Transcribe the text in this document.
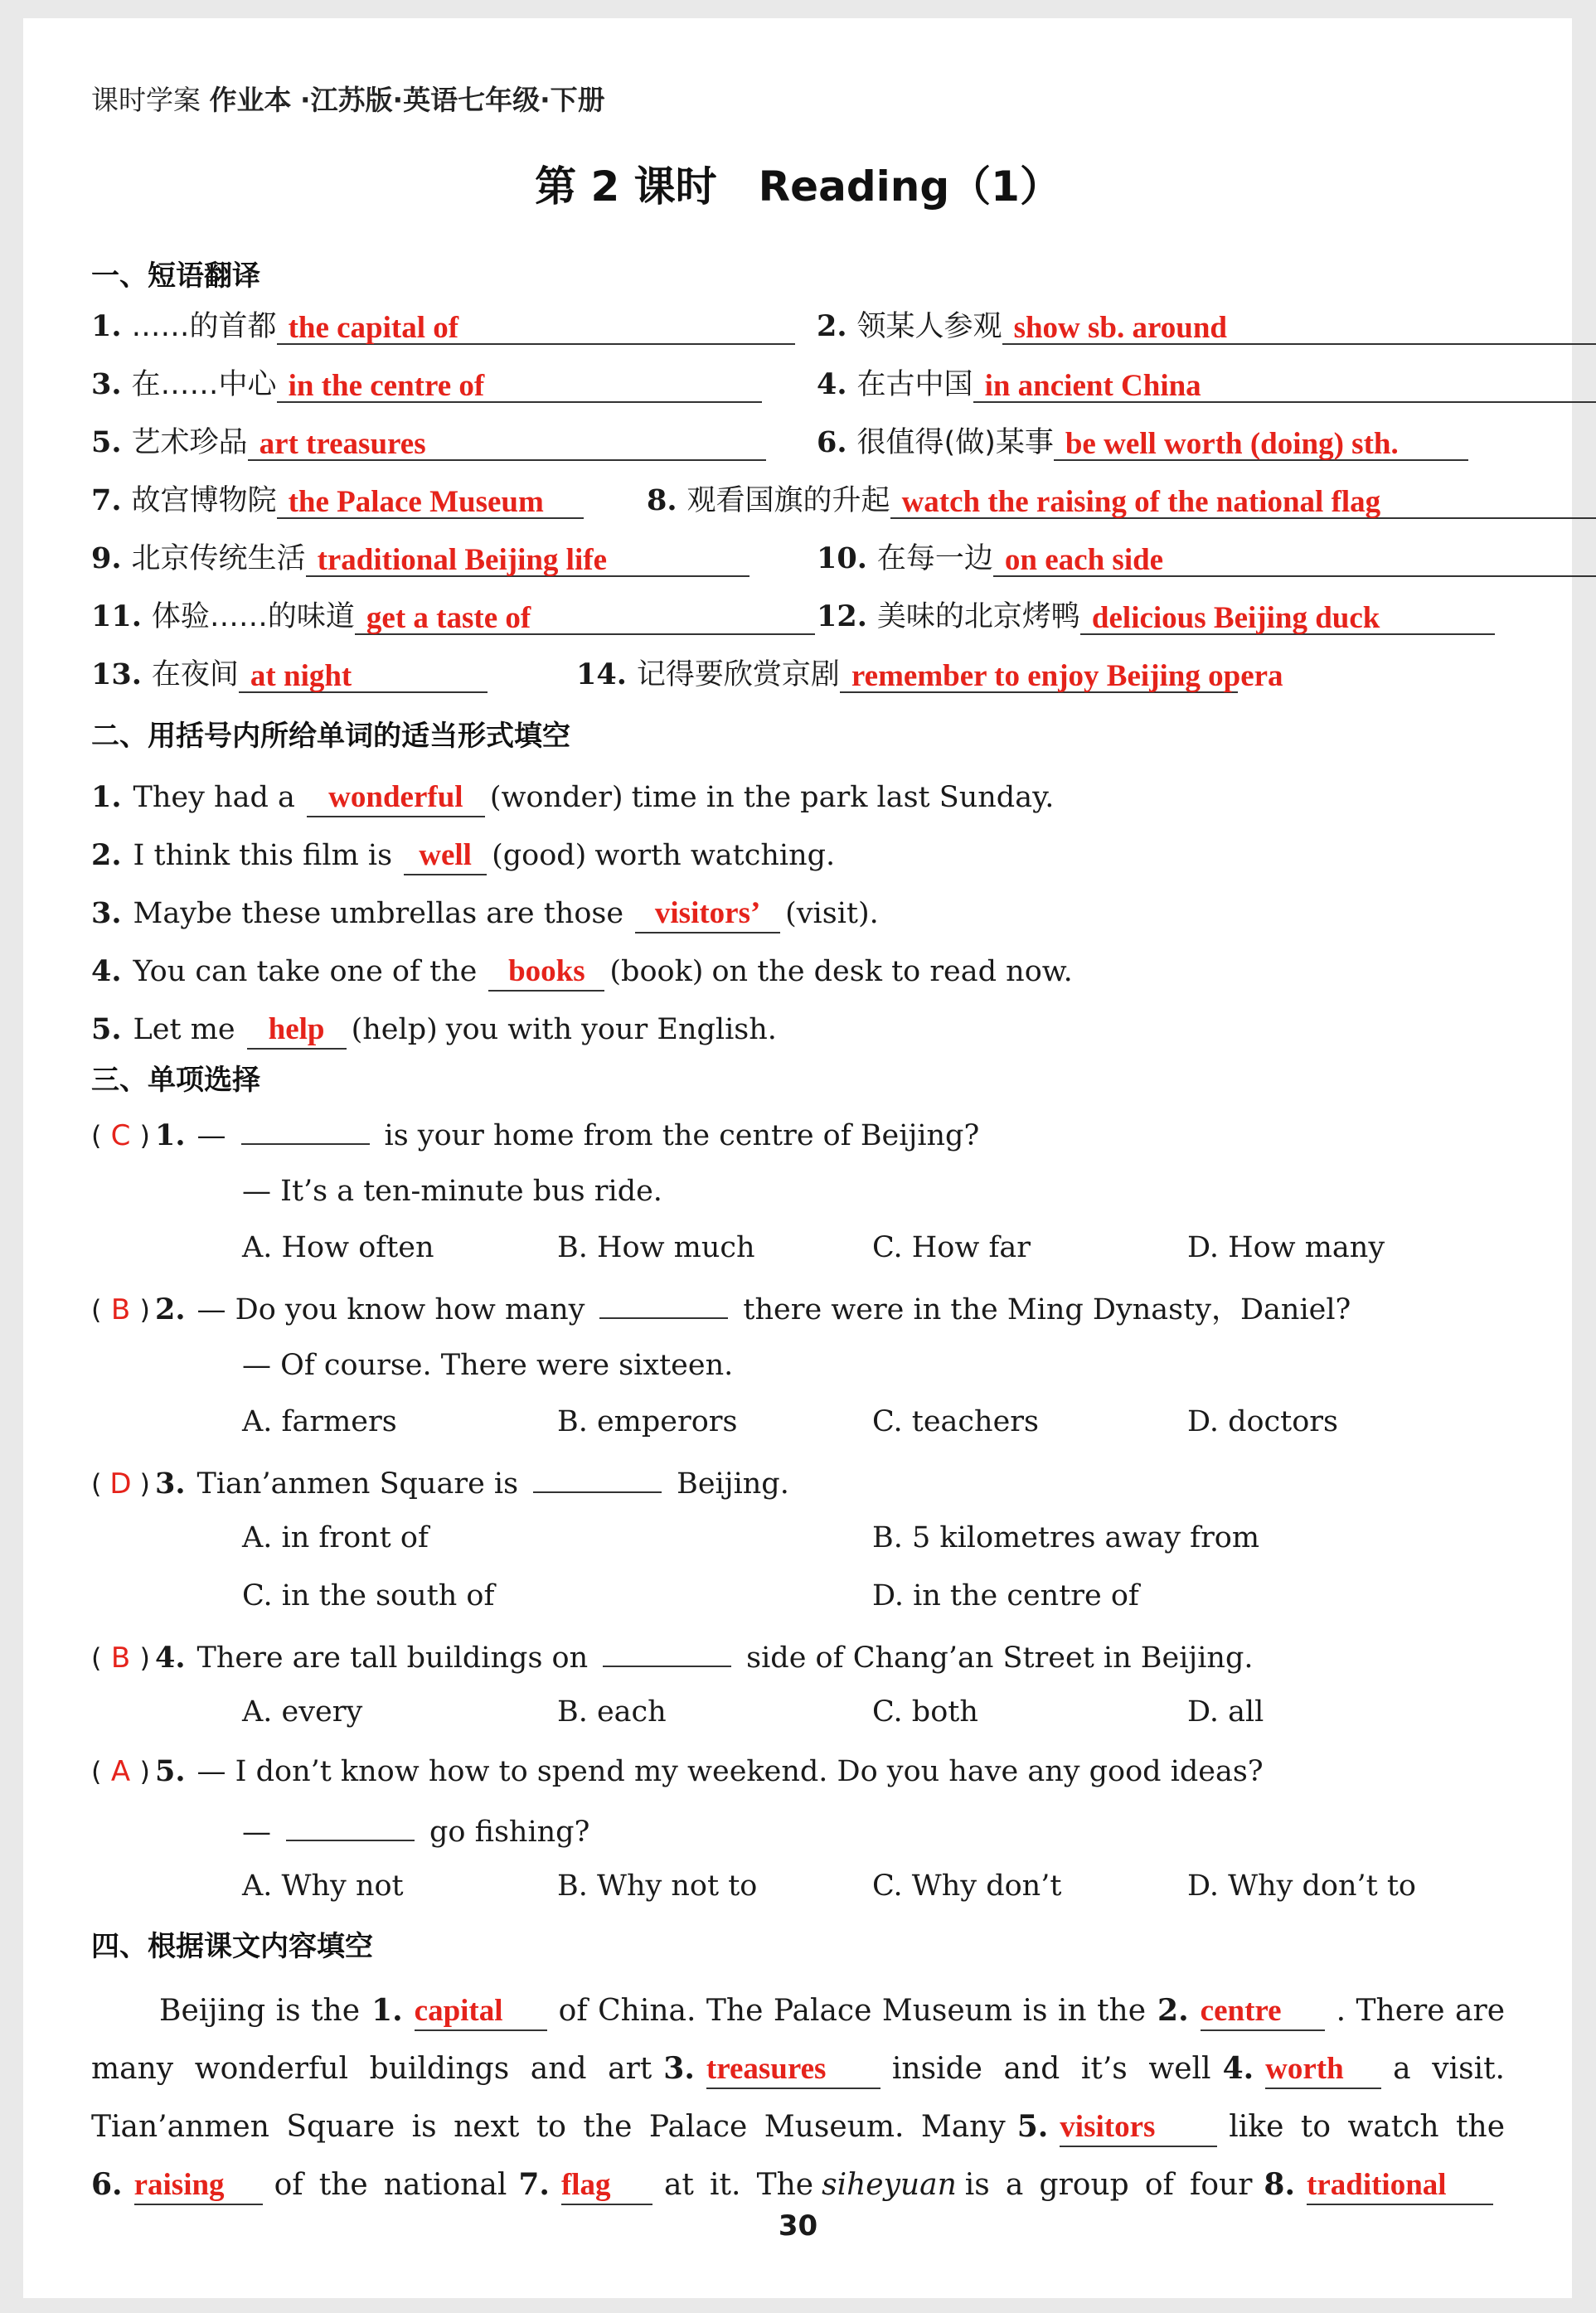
课时学案 作业本 ·江苏版·英语七年级·下册
第 2 课时　Reading（1）
一、短语翻译
1. ……的首都 the capital of	2. 领某人参观 show sb. around
3. 在……中心 in the centre of	4. 在古中国 in ancient China
5. 艺术珍品 art treasures	6. 很值得(做)某事 be well worth (doing) sth.
7. 故宫博物院 the Palace Museum	8. 观看国旗的升起 watch the raising of the national flag
9. 北京传统生活 traditional Beijing life	10. 在每一边 on each side
11. 体验……的味道 get a taste of	12. 美味的北京烤鸭 delicious Beijing duck
13. 在夜间 at night	14. 记得要欣赏京剧 remember to enjoy Beijing opera
二、用括号内所给单词的适当形式填空
1. They had a wonderful (wonder) time in the park last Sunday.
2. I think this film is well (good) worth watching.
3. Maybe these umbrellas are those visitors’ (visit).
4. You can take one of the books (book) on the desk to read now.
5. Let me help (help) you with your English.
三、单项选择
( C ) 1. —	is your home from the centre of Beijing?
— It’s a ten-minute bus ride.
A. How often	B. How much	C. How far	D. How many
( B ) 2. — Do you know how many	there were in the Ming Dynasty，Daniel?
— Of course. There were sixteen.
A. farmers	B. emperors	C. teachers	D. doctors
( D ) 3. Tian’anmen Square is	Beijing.
A. in front of	B. 5 kilometres away from
C. in the south of	D. in the centre of
( B ) 4. There are tall buildings on	side of Chang’an Street in Beijing.
A. every	B. each	C. both	D. all
( A ) 5. — I don’t know how to spend my weekend. Do you have any good ideas?
—	go fishing?
A. Why not	B. Why not to	C. Why don’t	D. Why don’t to
四、根据课文内容填空
Beijing is the 1. capital of China. The Palace Museum is in the 2. centre . There are
many wonderful buildings and art 3. treasures inside and it’s well 4. worth a visit.
Tian’anmen Square is next to the Palace Museum. Many 5. visitors like to watch the
6. raising of the national 7. flag at it. The siheyuan is a group of four 8. traditional
30
